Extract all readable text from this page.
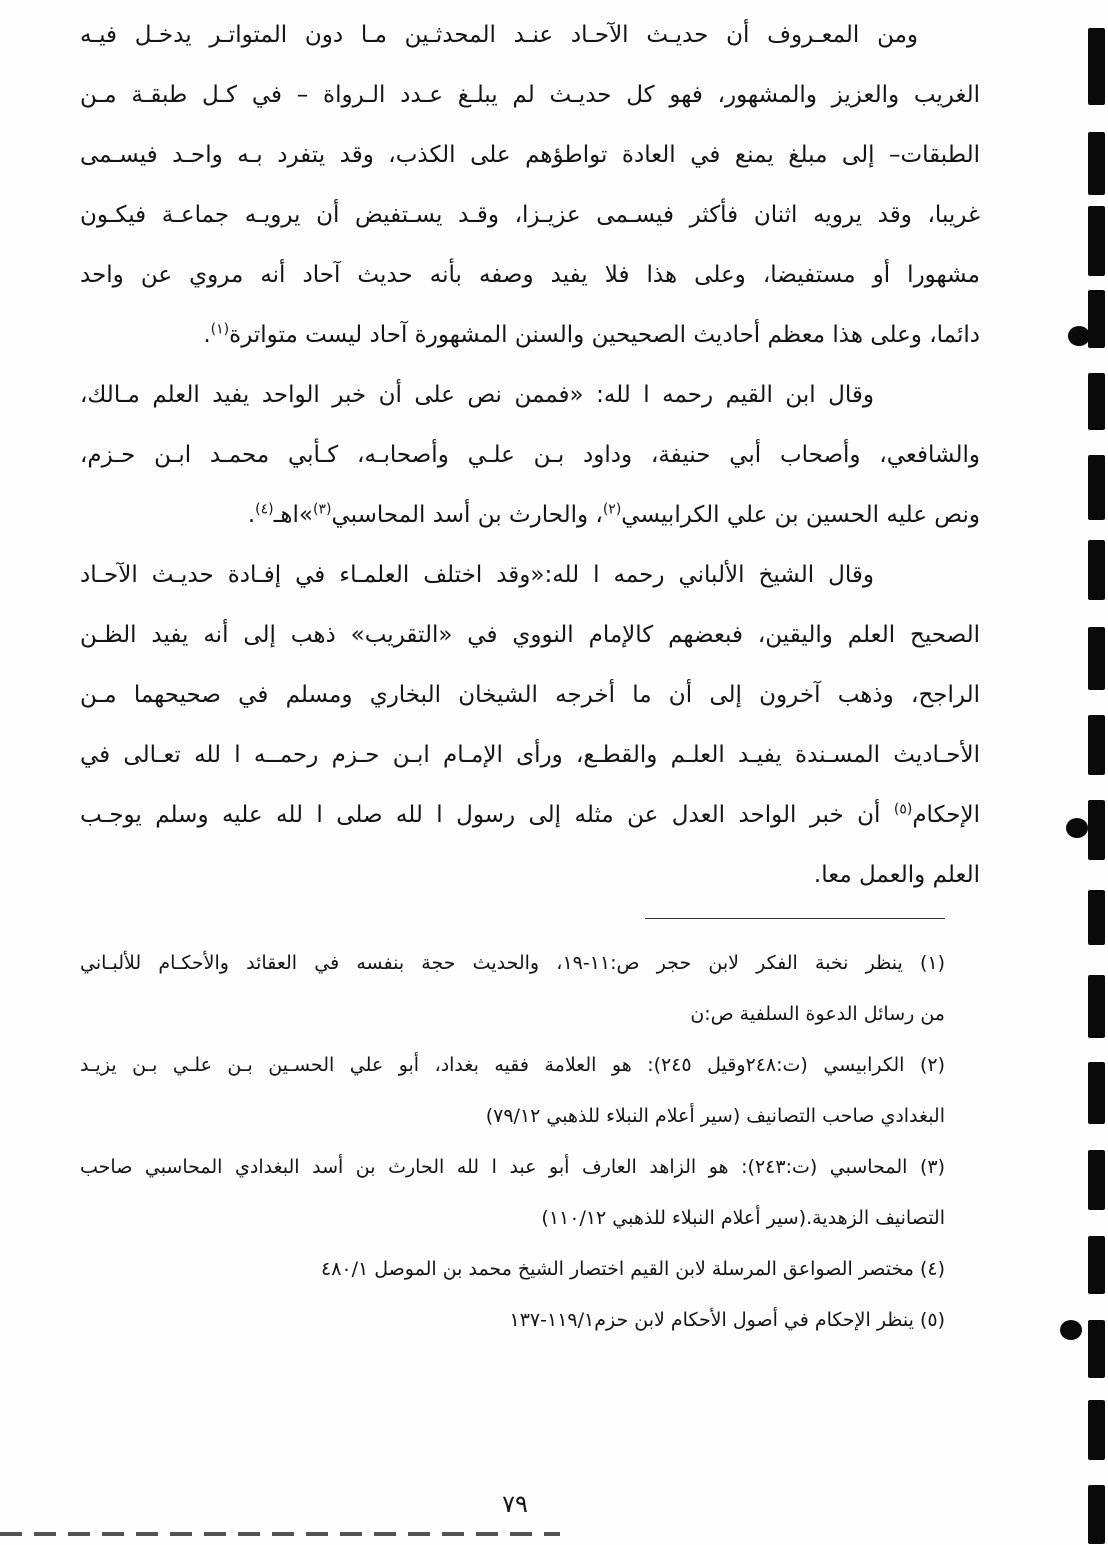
ومن المعـروف أن حديـث الآحـاد عنـد المحدثـين مـا دون المتواتـر يدخـل فيـه
الغريب والعزيز والمشهور، فهو كل حديـث لم يبلـغ عـدد الـرواة – في كـل طبقـة مـن
الطبقات– إلى مبلغ يمنع في العادة تواطؤهم على الكذب، وقد يتفرد بـه واحـد فيسـمى
غريبا، وقد يرويه اثنان فأكثر فيسـمى عزيـزا، وقـد يسـتفيض أن يرويـه جماعـة فيكـون
مشهورا أو مستفيضا، وعلى هذا فلا يفيد وصفه بأنه حديث آحاد أنه مروي عن واحد
دائما، وعلى هذا معظم أحاديث الصحيحين والسنن المشهورة آحاد ليست متواترة$^{(١)}$.
وقال ابن القيم رحمه ا لله: «فممن نص على أن خبر الواحد يفيد العلم مـالك،
والشافعي، وأصحاب أبي حنيفة، وداود بـن علـي وأصحابـه، كـأبي محمـد ابـن حـزم،
ونص عليه الحسين بن علي الكرابيسي$^{(٢)}$، والحارث بن أسد المحاسبي$^{(٣)}$»اهـ$^{(٤)}$.
وقال الشيخ الألباني رحمه ا لله:«وقد اختلف العلمـاء في إفـادة حديـث الآحـاد
الصحيح العلم واليقين، فبعضهم كالإمام النووي في «التقريب» ذهب إلى أنه يفيد الظـن
الراجح، وذهب آخرون إلى أن ما أخرجه الشيخان البخاري ومسلم في صحيحهما مـن
الأحـاديث المسـندة يفيـد العلـم والقطـع، ورأى الإمـام ابـن حـزم رحمــه ا لله تعـالى في
الإحكام$^{(٥)}$ أن خبر الواحد العدل عن مثله إلى رسول ا لله صلى ا لله عليه وسلم يوجـب
العلم والعمل معا.
(١) ينظر نخبة الفكر لابن حجر ص:١١-١٩، والحديث حجة بنفسه في العقائد والأحكـام للألبـاني
من رسائل الدعوة السلفية ص:ن
(٢) الكرابيسي (ت:٢٤٨وقيل ٢٤٥): هو العلامة فقيه بغداد، أبو علي الحسـين بـن علـي بـن يزيـد
البغدادي صاحب التصانيف (سير أعلام النبلاء للذهبي ٧٩/١٢)
(٣) المحاسبي (ت:٢٤٣): هو الزاهد العارف أبو عبد ا لله الحارث بن أسد البغدادي المحاسبي صاحب
التصانيف الزهدية.(سير أعلام النبلاء للذهبي ١١٠/١٢)
(٤) مختصر الصواعق المرسلة لابن القيم اختصار الشيخ محمد بن الموصل ٤٨٠/١
(٥) ينظر الإحكام في أصول الأحكام لابن حزم١١٩/١-١٣٧
٧٩
